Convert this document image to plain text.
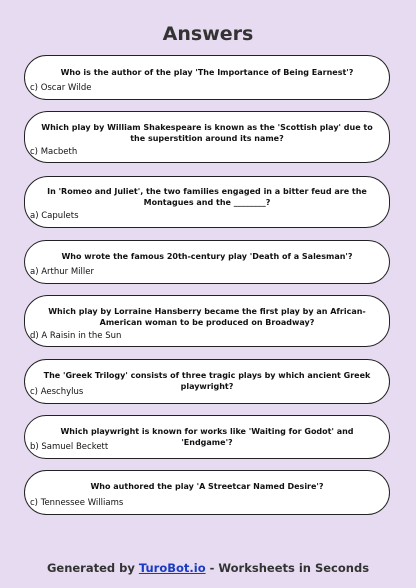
Answers
Who is the author of the play 'The Importance of Being Earnest'?
c) Oscar Wilde
Which play by William Shakespeare is known as the 'Scottish play' due to the superstition around its name?
c) Macbeth
In 'Romeo and Juliet', the two families engaged in a bitter feud are the Montagues and the ________?
a) Capulets
Who wrote the famous 20th-century play 'Death of a Salesman'?
a) Arthur Miller
Which play by Lorraine Hansberry became the first play by an African-American woman to be produced on Broadway?
d) A Raisin in the Sun
The 'Greek Trilogy' consists of three tragic plays by which ancient Greek playwright?
c) Aeschylus
Which playwright is known for works like 'Waiting for Godot' and 'Endgame'?
b) Samuel Beckett
Who authored the play 'A Streetcar Named Desire'?
c) Tennessee Williams
Generated by TuroBot.io - Worksheets in Seconds
